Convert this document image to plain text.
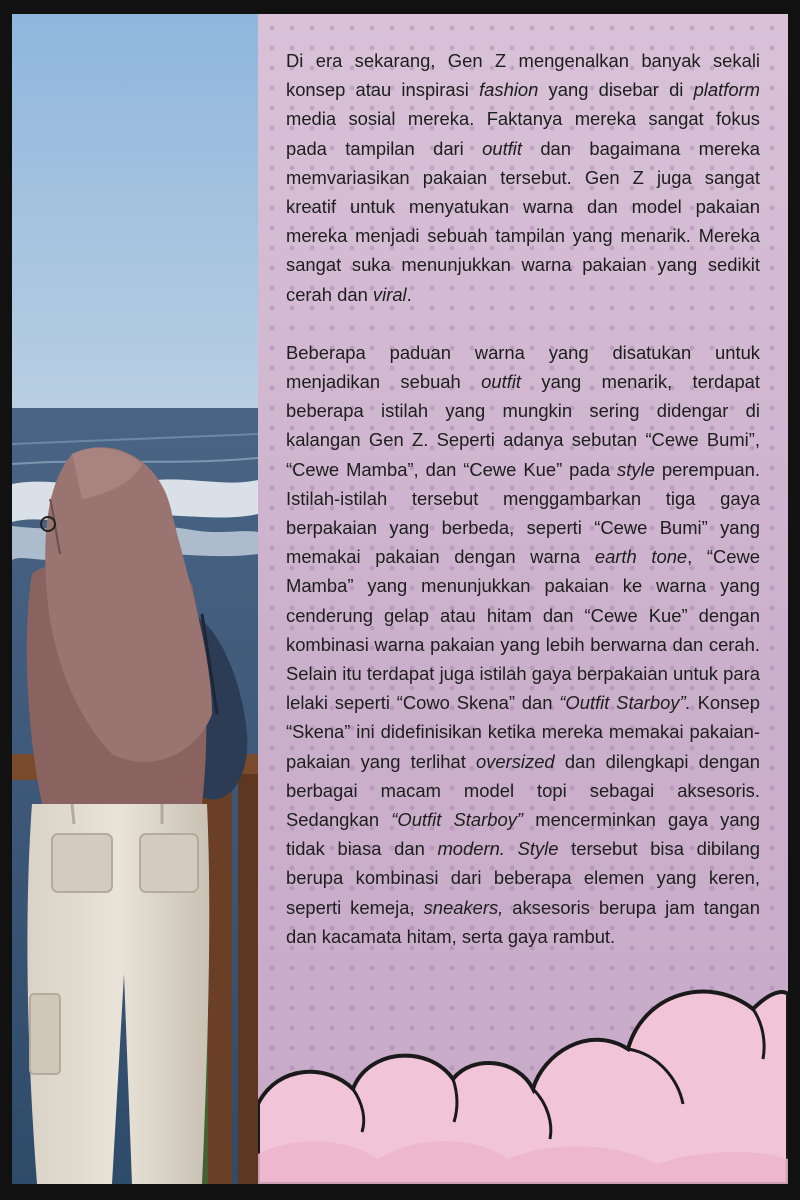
Di era sekarang, Gen Z mengenalkan banyak sekali konsep atau inspirasi fashion yang disebar di platform media sosial mereka. Faktanya mereka sangat fokus pada tampilan dari outfit dan bagaimana mereka memvariasikan pakaian tersebut. Gen Z juga sangat kreatif untuk menyatukan warna dan model pakaian mereka menjadi sebuah tampilan yang menarik. Mereka sangat suka menunjukkan warna pakaian yang sedikit cerah dan viral.

Beberapa paduan warna yang disatukan untuk menjadikan sebuah outfit yang menarik, terdapat beberapa istilah yang mungkin sering didengar di kalangan Gen Z. Seperti adanya sebutan “Cewe Bumi”, “Cewe Mamba”, dan “Cewe Kue” pada style perempuan. Istilah-istilah tersebut menggambarkan tiga gaya berpakaian yang berbeda, seperti “Cewe Bumi” yang memakai pakaian dengan warna earth tone, “Cewe Mamba” yang menunjukkan pakaian ke warna yang cenderung gelap atau hitam dan “Cewe Kue” dengan kombinasi warna pakaian yang lebih berwarna dan cerah. Selain itu terdapat juga istilah gaya berpakaian untuk para lelaki seperti “Cowo Skena” dan “Outfit Starboy”. Konsep “Skena” ini didefinisikan ketika mereka memakai pakaian-pakaian yang terlihat oversized dan dilengkapi dengan berbagai macam model topi sebagai aksesoris. Sedangkan “Outfit Starboy” mencerminkan gaya yang tidak biasa dan modern. Style tersebut bisa dibilang berupa kombinasi dari beberapa elemen yang keren, seperti kemeja, sneakers, aksesoris berupa jam tangan dan kacamata hitam, serta gaya rambut.
